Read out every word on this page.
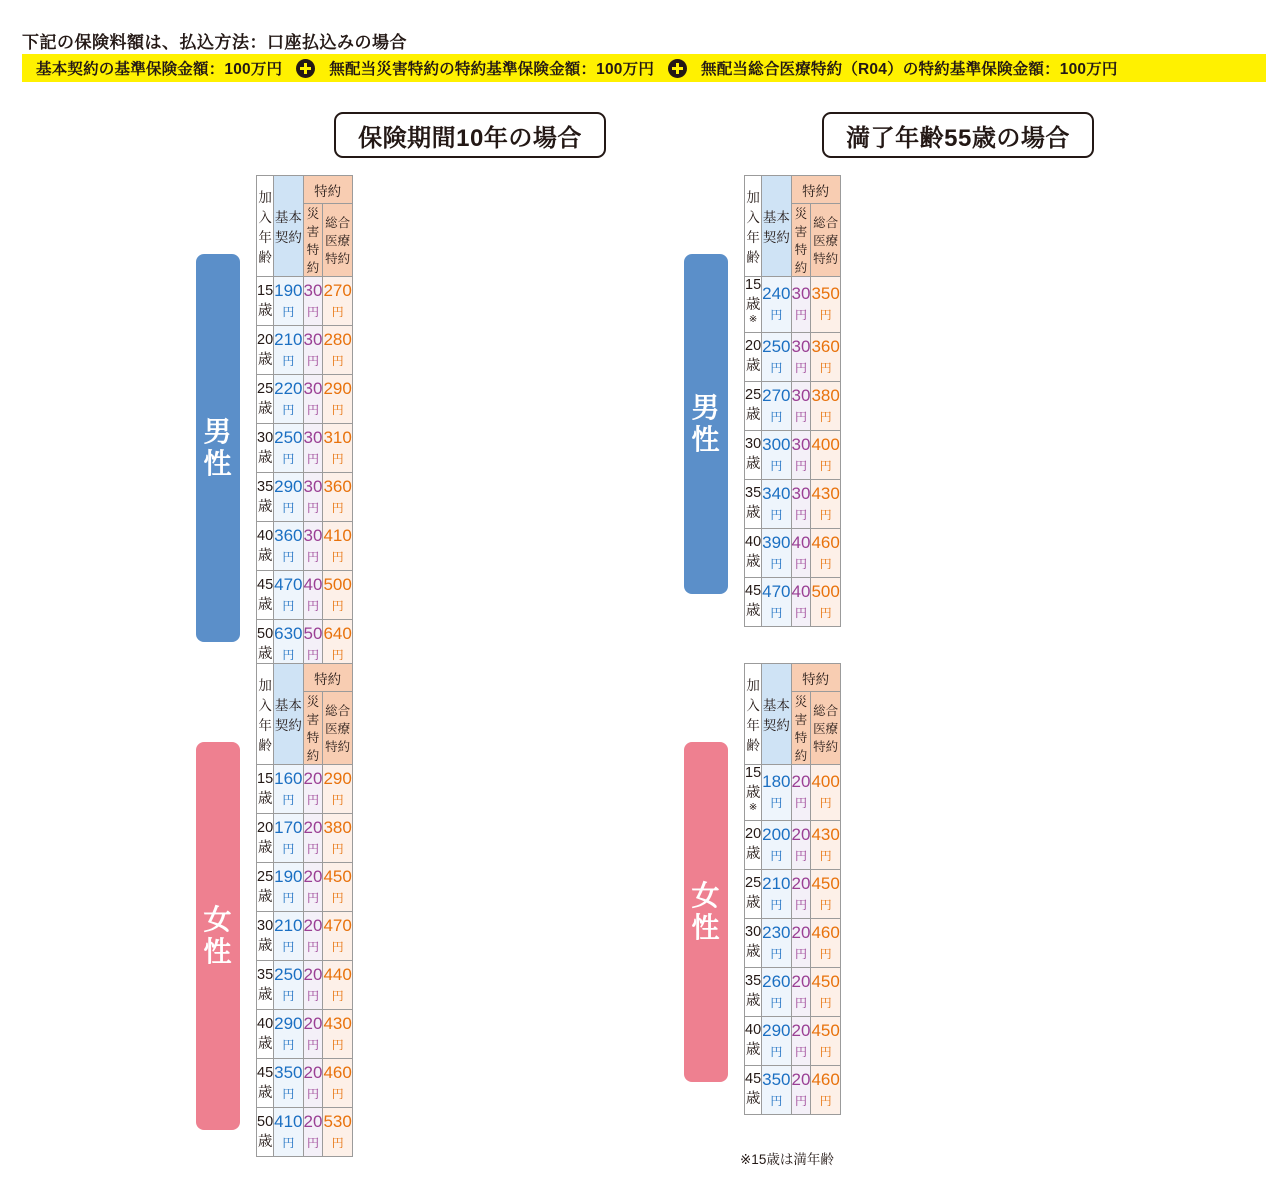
下記の保険料額は、払込方法：口座払込みの場合
基本契約の基準保険金額：100万円	無配当災害特約の特約基準保険金額：100万円	無配当総合医療特約（R04）の特約基準保険金額：100万円
保険期間10年の場合	満了年齢55歳の場合
男
性
男
性
女
性
女
性
加入年齢	基本契約	特約	
		災害特約	総合医療特約
15歳	190円	30円	270円
20歳	210円	30円	280円
25歳	220円	30円	290円
30歳	250円	30円	310円
35歳	290円	30円	360円
40歳	360円	30円	410円
45歳	470円	40円	500円
50歳	630円	50円	640円
加入年齢	基本契約	特約	
		災害特約	総合医療特約
15歳※	240円	30円	350円
20歳	250円	30円	360円
25歳	270円	30円	380円
30歳	300円	30円	400円
35歳	340円	30円	430円
40歳	390円	40円	460円
45歳	470円	40円	500円
加入年齢	基本契約	特約	
		災害特約	総合医療特約
15歳	160円	20円	290円
20歳	170円	20円	380円
25歳	190円	20円	450円
30歳	210円	20円	470円
35歳	250円	20円	440円
40歳	290円	20円	430円
45歳	350円	20円	460円
50歳	410円	20円	530円
加入年齢	基本契約	特約	
		災害特約	総合医療特約
15歳※	180円	20円	400円
20歳	200円	20円	430円
25歳	210円	20円	450円
30歳	230円	20円	460円
35歳	260円	20円	450円
40歳	290円	20円	450円
45歳	350円	20円	460円
※15歳は満年齢
